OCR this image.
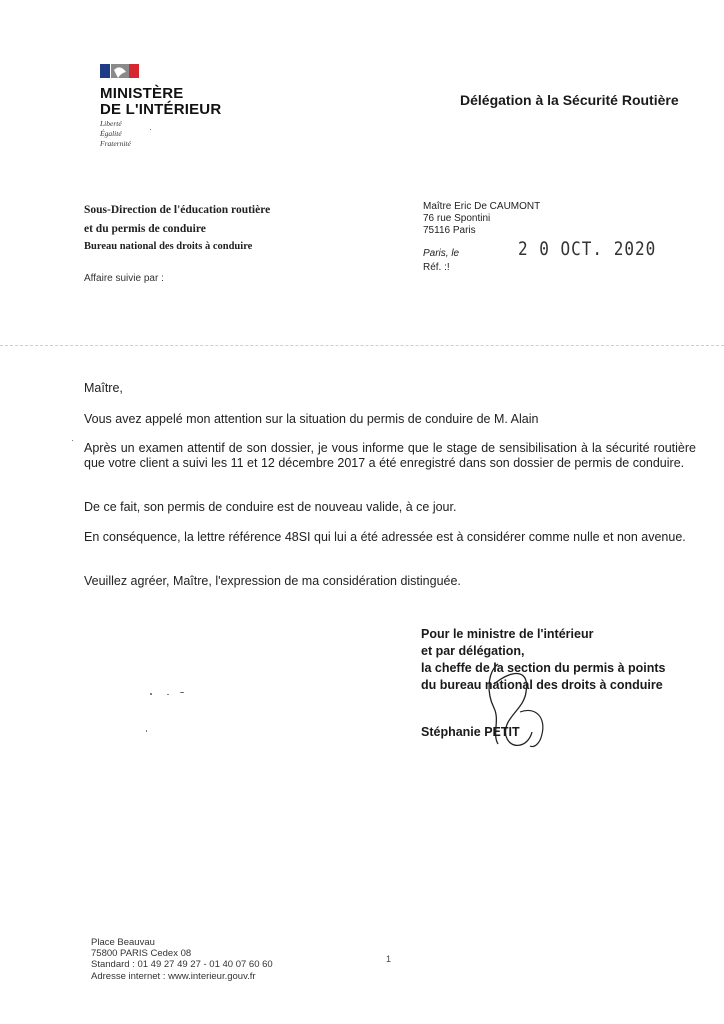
MINISTÈRE
DE L'INTÉRIEUR
Liberté
Égalité
Fraternité
Délégation à la Sécurité Routière
Sous-Direction de l'éducation routière
et du permis de conduire
Bureau national des droits à conduire
Affaire suivie par :
Maître Eric De CAUMONT
76 rue Spontini
75116 Paris
Paris, le	2 0 OCT. 2020
Réf. :!
Maître,
Vous avez appelé mon attention sur la situation du permis de conduire de M. Alain
Après un examen attentif de son dossier, je vous informe que le stage de sensibilisation à la sécurité routière que votre client a suivi les 11 et 12 décembre 2017 a été enregistré dans son dossier de permis de conduire.
De ce fait, son permis de conduire est de nouveau valide, à ce jour.
En conséquence, la lettre référence 48SI qui lui a été adressée est à considérer comme nulle et non avenue.
Veuillez agréer, Maître, l'expression de ma considération distinguée.
Pour le ministre de l'intérieur
et par délégation,
la cheffe de la section du permis à points
du bureau national des droits à conduire
Stéphanie PETIT
Place Beauvau
75800 PARIS Cedex 08
Standard : 01 49 27 49 27 - 01 40 07 60 60
Adresse internet : www.interieur.gouv.fr
1
